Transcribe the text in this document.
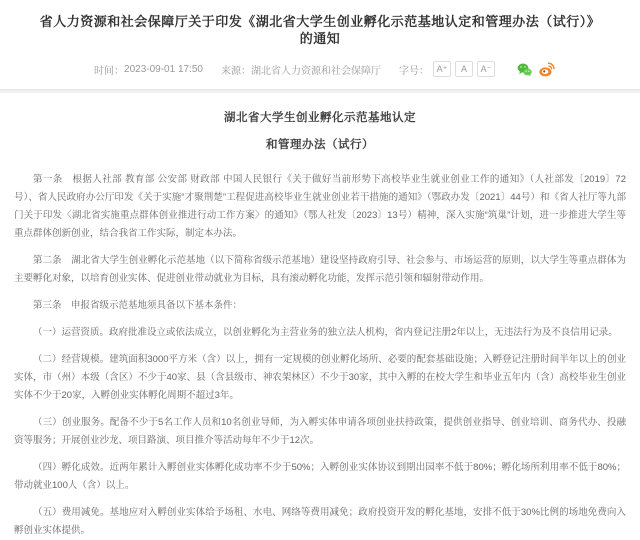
省人力资源和社会保障厅关于印发《湖北省大学生创业孵化示范基地认定和管理办法（试行）》的通知
时间： 2023-09-01 17:50 来源： 湖北省人力资源和社会保障厅 字号： A⁺	A	A⁻
湖北省大学生创业孵化示范基地认定
和管理办法（试行）

第一条　根据人社部 教育部 公安部 财政部 中国人民银行《关于做好当前形势下高校毕业生就业创业工作的通知》（人社部发〔2019〕72号）、省人民政府办公厅印发《关于实施“才聚荆楚”工程促进高校毕业生就业创业若干措施的通知》（鄂政办发〔2021〕44号）和《省人社厅等九部门关于印发〈湖北省实施重点群体创业推进行动工作方案〉的通知》（鄂人社发〔2023〕13号）精神，深入实施“筑巢”计划，进一步推进大学生等重点群体创新创业，结合我省工作实际，制定本办法。

第二条　湖北省大学生创业孵化示范基地（以下简称省级示范基地）建设坚持政府引导、社会参与、市场运营的原则，以大学生等重点群体为主要孵化对象，以培育创业实体、促进创业带动就业为目标，具有滚动孵化功能，发挥示范引领和辐射带动作用。

第三条　申报省级示范基地须具备以下基本条件：

（一）运营资质。政府批准设立或依法成立，以创业孵化为主营业务的独立法人机构，省内登记注册2年以上，无违法行为及不良信用记录。

（二）经营规模。建筑面积3000平方米（含）以上，拥有一定规模的创业孵化场所、必要的配套基础设施；入孵登记注册时间半年以上的创业实体，市（州）本级（含区）不少于40家、县（含县级市、神农架林区）不少于30家，其中入孵的在校大学生和毕业五年内（含）高校毕业生创业实体不少于20家，入孵创业实体孵化周期不超过3年。

（三）创业服务。配备不少于5名工作人员和10名创业导师，为入孵实体申请各项创业扶持政策，提供创业指导、创业培训、商务代办、投融资等服务；开展创业沙龙、项目路演、项目推介等活动每年不少于12次。

（四）孵化成效。近两年累计入孵创业实体孵化成功率不少于50%；入孵创业实体协议到期出园率不低于80%；孵化场所利用率不低于80%；带动就业100人（含）以上。

（五）费用减免。基地应对入孵创业实体给予场租、水电、网络等费用减免；政府投资开发的孵化基地，安排不低于30%比例的场地免费向入孵创业实体提供。
